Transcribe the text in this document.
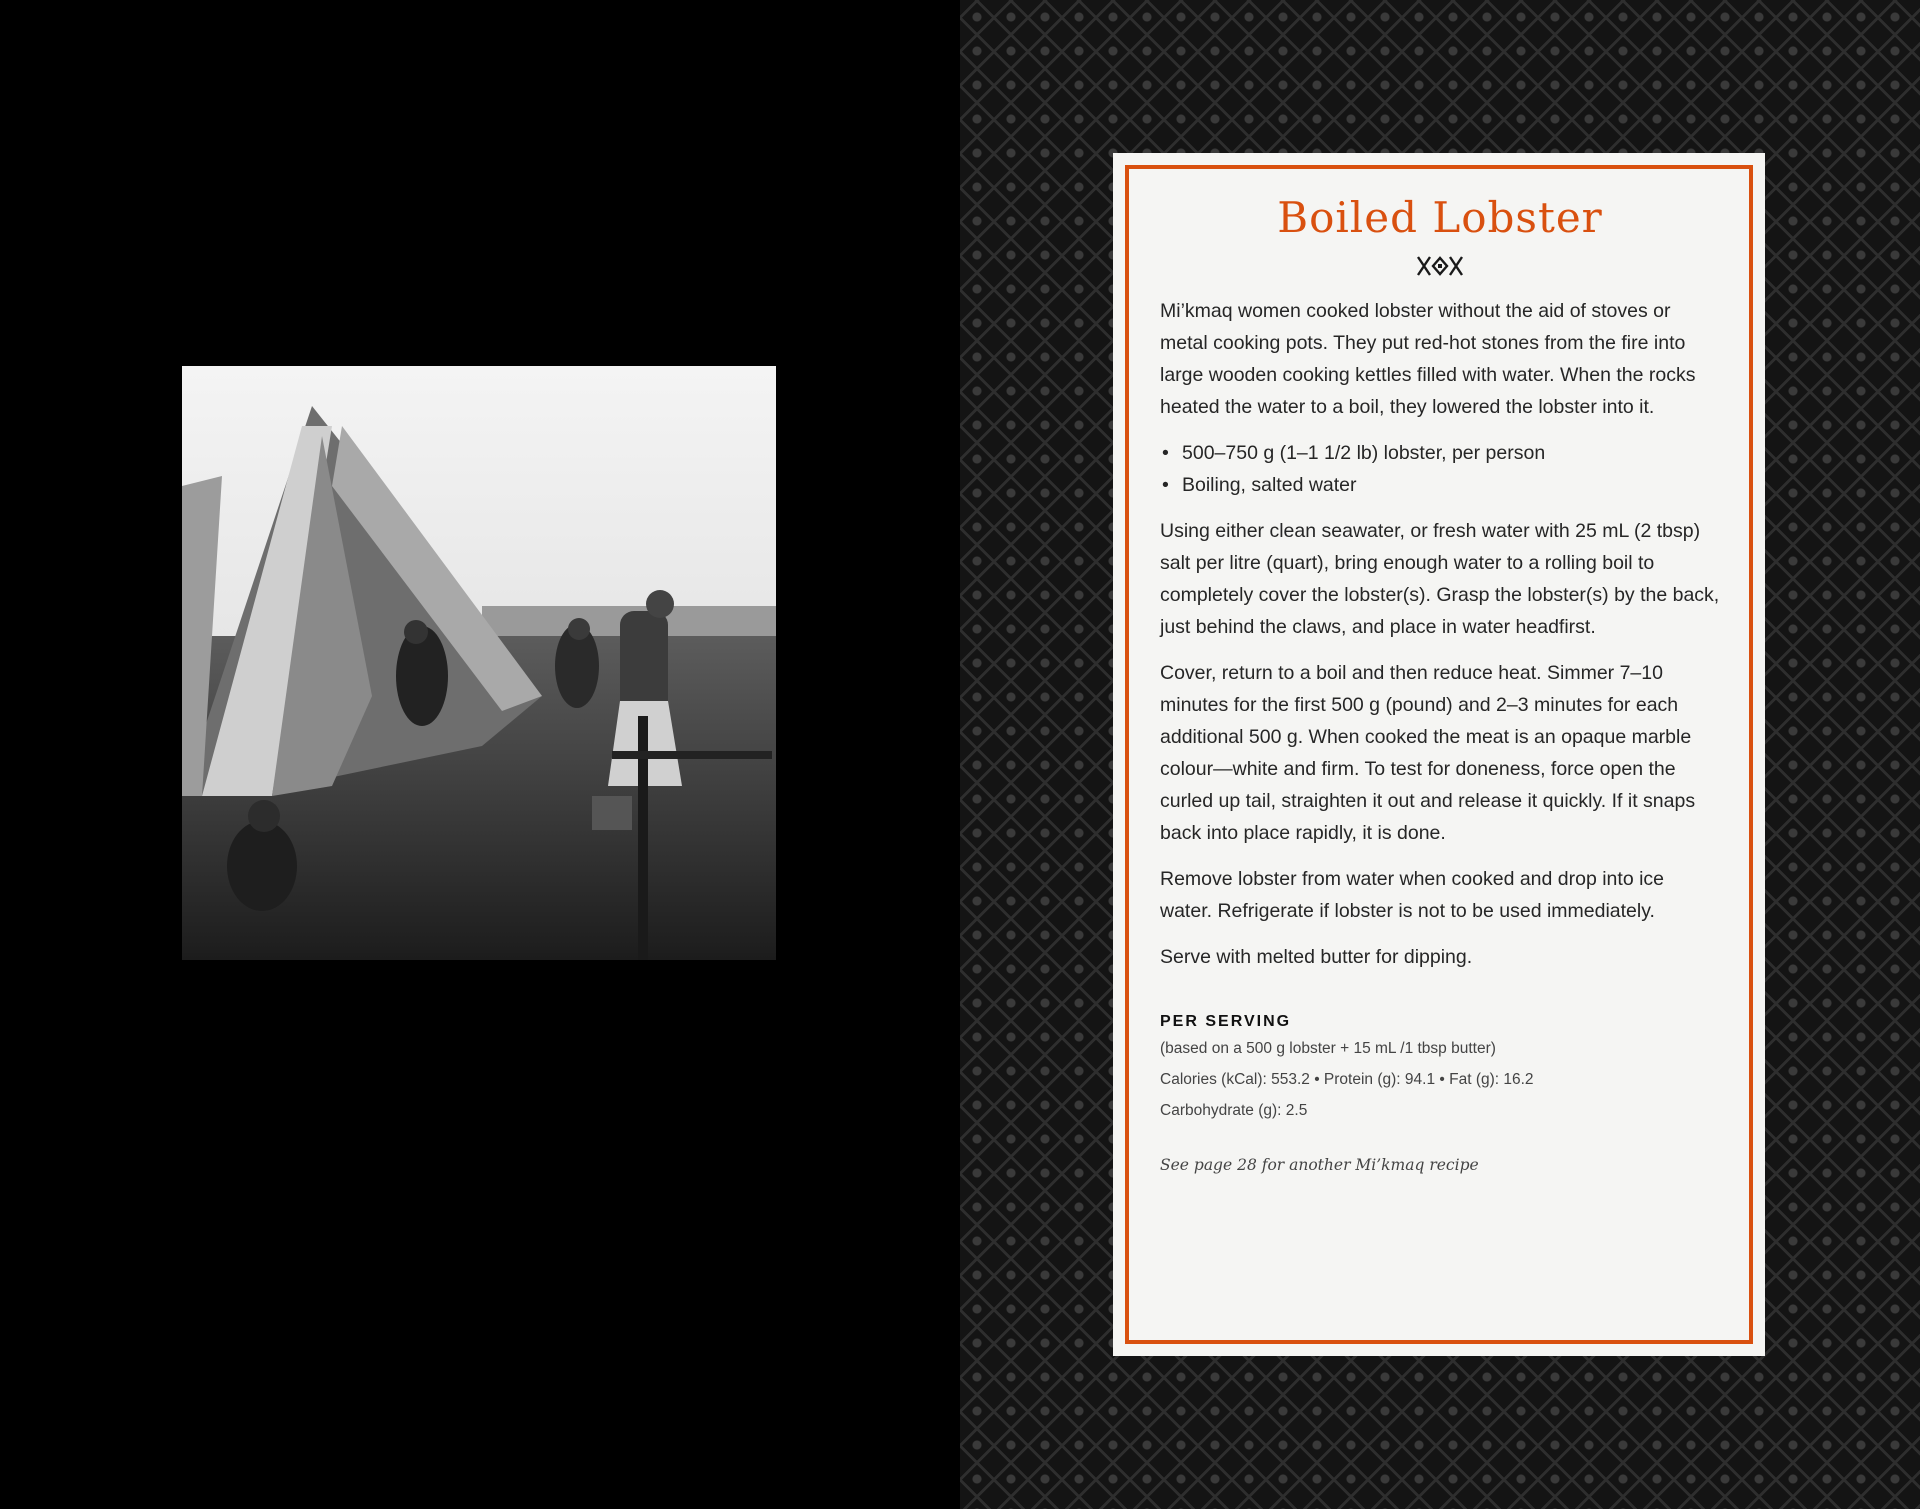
Boiled Lobster

Mi’kmaq women cooked lobster without the aid of stoves or metal cooking pots. They put red-hot stones from the fire into large wooden cooking kettles filled with water. When the rocks heated the water to a boil, they lowered the lobster into it.

• 500–750 g (1–1 1/2 lb) lobster, per person
• Boiling, salted water

Using either clean seawater, or fresh water with 25 mL (2 tbsp) salt per litre (quart), bring enough water to a rolling boil to completely cover the lobster(s). Grasp the lobster(s) by the back, just behind the claws, and place in water headfirst.

Cover, return to a boil and then reduce heat. Simmer 7–10 minutes for the first 500 g (pound) and 2–3 minutes for each additional 500 g. When cooked the meat is an opaque marble colour—white and firm. To test for doneness, force open the curled up tail, straighten it out and release it quickly. If it snaps back into place rapidly, it is done.

Remove lobster from water when cooked and drop into ice water. Refrigerate if lobster is not to be used immediately.

Serve with melted butter for dipping.

PER SERVING

(based on a 500 g lobster + 15 mL /1 tbsp butter)

Calories (kCal): 553.2 • Protein (g): 94.1 • Fat (g): 16.2

Carbohydrate (g): 2.5

See page 28 for another Mi’kmaq recipe
